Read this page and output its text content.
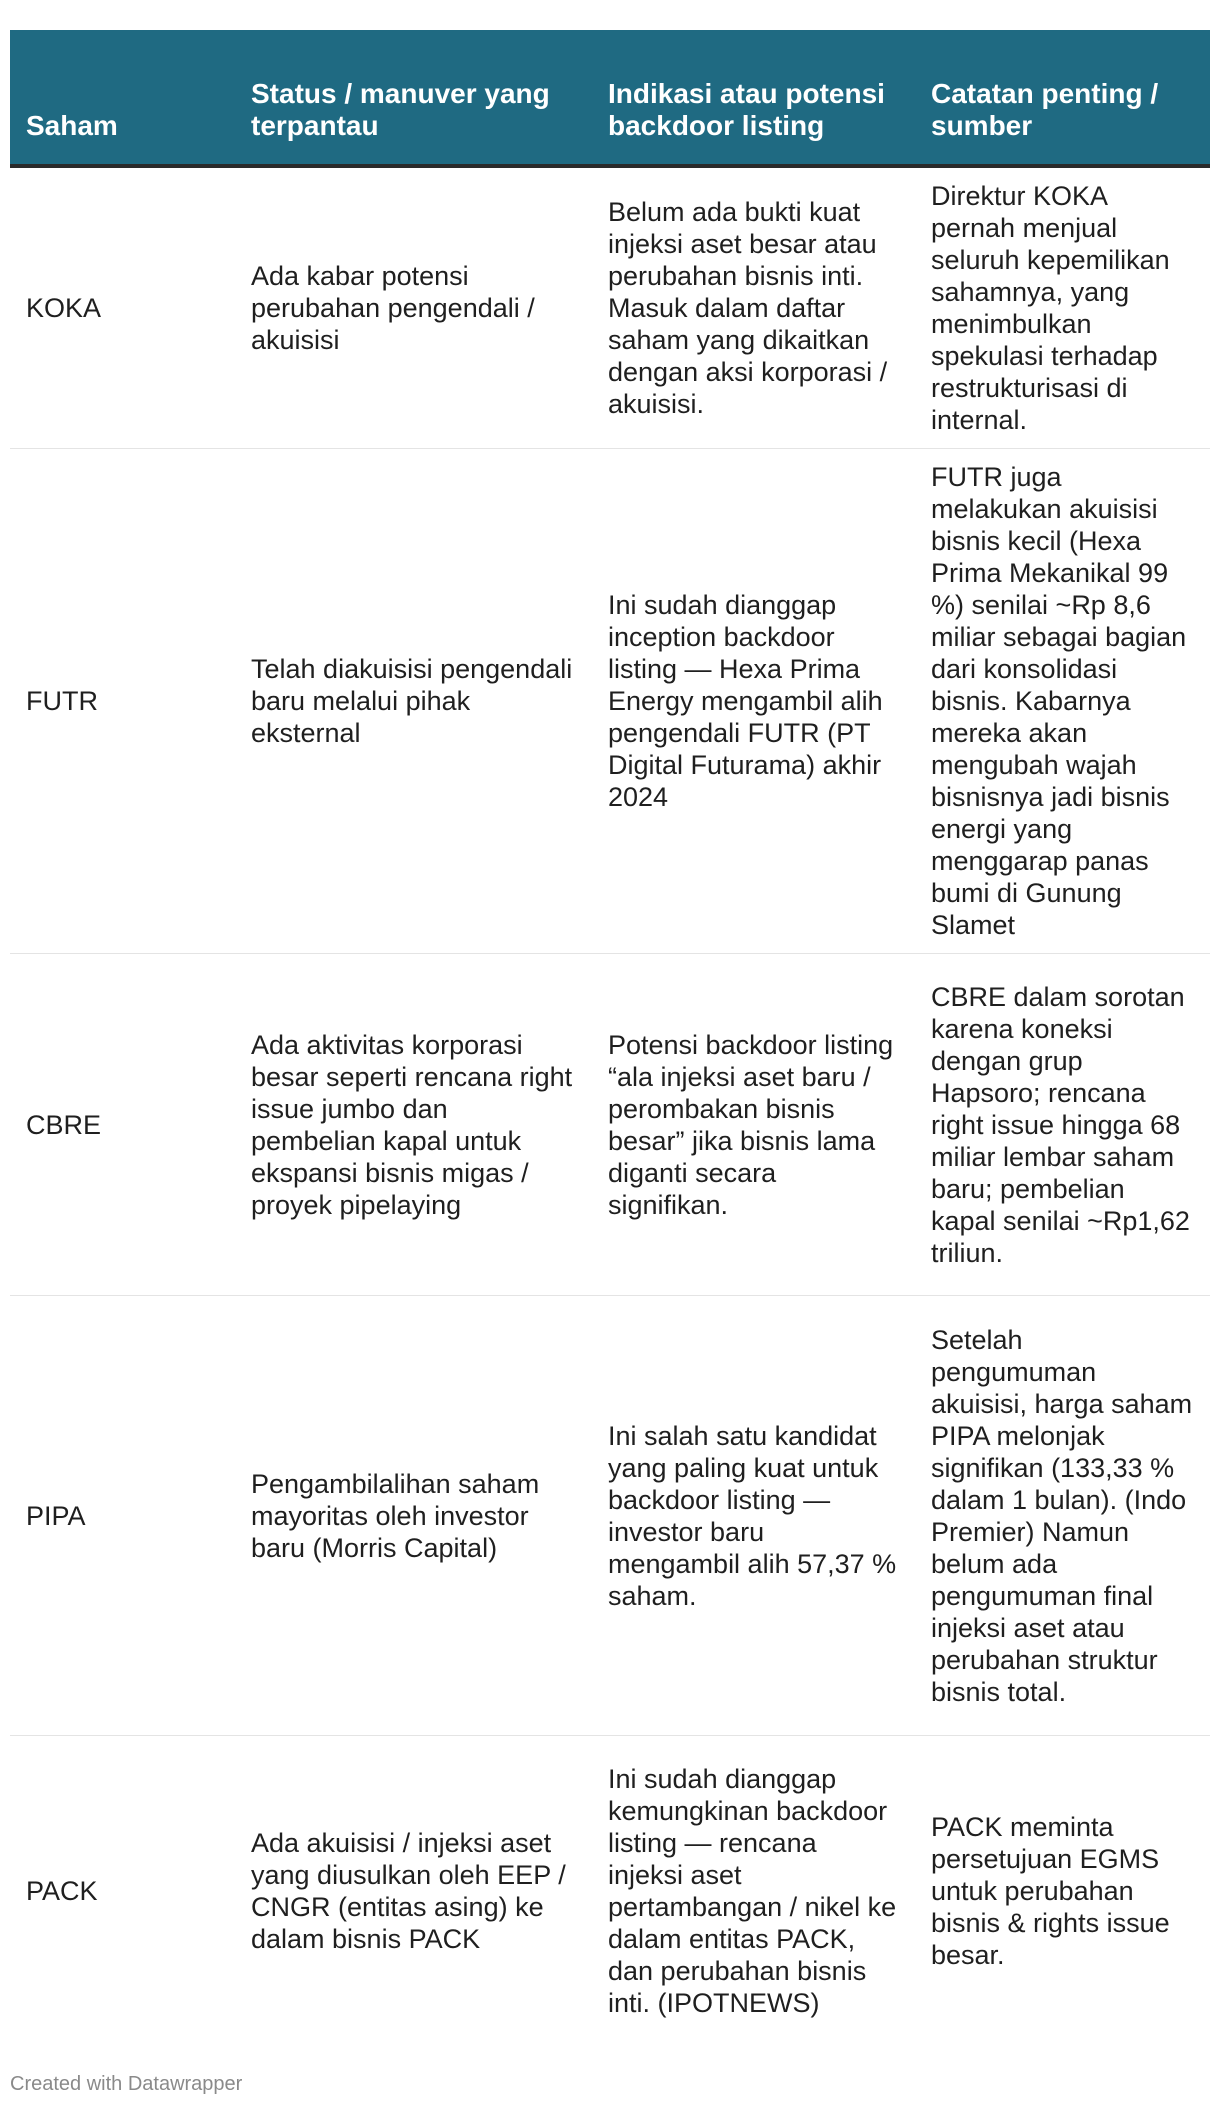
Saham	Status / manuver yang terpantau	Indikasi atau potensi backdoor listing	Catatan penting / sumber
KOKA	Ada kabar potensi perubahan pengendali / akuisisi	Belum ada bukti kuat injeksi aset besar atau perubahan bisnis inti. Masuk dalam daftar saham yang dikaitkan dengan aksi korporasi / akuisisi.	Direktur KOKA pernah menjual seluruh kepemilikan sahamnya, yang menimbulkan spekulasi terhadap restrukturisasi di internal.
FUTR	Telah diakuisisi pengendali baru melalui pihak eksternal	Ini sudah dianggap inception backdoor listing — Hexa Prima Energy mengambil alih pengendali FUTR (PT Digital Futurama) akhir 2024	FUTR juga melakukan akuisisi bisnis kecil (Hexa Prima Mekanikal 99 %) senilai ~Rp 8,6 miliar sebagai bagian dari konsolidasi bisnis. Kabarnya mereka akan mengubah wajah bisnisnya jadi bisnis energi yang menggarap panas bumi di Gunung Slamet
CBRE	Ada aktivitas korporasi besar seperti rencana right issue jumbo dan pembelian kapal untuk ekspansi bisnis migas / proyek pipelaying	Potensi backdoor listing “ala injeksi aset baru / perombakan bisnis besar” jika bisnis lama diganti secara signifikan.	CBRE dalam sorotan karena koneksi dengan grup Hapsoro; rencana right issue hingga 68 miliar lembar saham baru; pembelian kapal senilai ~Rp1,62 triliun.
PIPA	Pengambilalihan saham mayoritas oleh investor baru (Morris Capital)	Ini salah satu kandidat yang paling kuat untuk backdoor listing — investor baru mengambil alih 57,37 % saham.	Setelah pengumuman akuisisi, harga saham PIPA melonjak signifikan (133,33 % dalam 1 bulan). (Indo Premier) Namun belum ada pengumuman final injeksi aset atau perubahan struktur bisnis total.
PACK	Ada akuisisi / injeksi aset yang diusulkan oleh EEP / CNGR (entitas asing) ke dalam bisnis PACK	Ini sudah dianggap kemungkinan backdoor listing — rencana injeksi aset pertambangan / nikel ke dalam entitas PACK, dan perubahan bisnis inti. (IPOTNEWS)	PACK meminta persetujuan EGMS untuk perubahan bisnis & rights issue besar.
Created with Datawrapper
